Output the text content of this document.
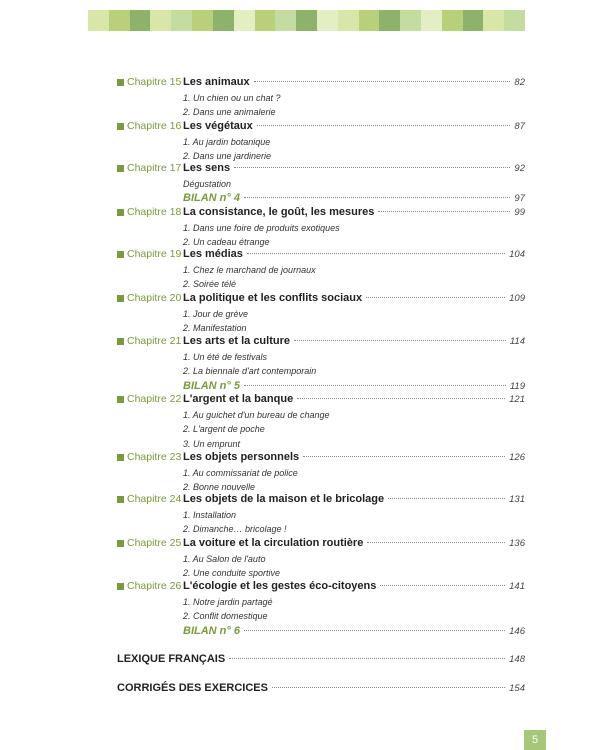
Chapitre 15 Les animaux	82
1. Un chien ou un chat ?
2. Dans une animalerie
Chapitre 16 Les végétaux	87
1. Au jardin botanique
2. Dans une jardinerie
Chapitre 17 Les sens	92
Dégustation
BILAN n° 4	97
Chapitre 18 La consistance, le goût, les mesures	99
1. Dans une foire de produits exotiques
2. Un cadeau étrange
Chapitre 19 Les médias	104
1. Chez le marchand de journaux
2. Soirée télé
Chapitre 20 La politique et les conflits sociaux	109
1. Jour de grève
2. Manifestation
Chapitre 21 Les arts et la culture	114
1. Un été de festivals
2. La biennale d'art contemporain
BILAN n° 5	119
Chapitre 22 L'argent et la banque	121
1. Au guichet d'un bureau de change
2. L'argent de poche
3. Un emprunt
Chapitre 23 Les objets personnels	126
1. Au commissariat de police
2. Bonne nouvelle
Chapitre 24 Les objets de la maison et le bricolage	131
1. Installation
2. Dimanche… bricolage !
Chapitre 25 La voiture et la circulation routière	136
1. Au Salon de l'auto
2. Une conduite sportive
Chapitre 26 L'écologie et les gestes éco-citoyens	141
1. Notre jardin partagé
2. Conflit domestique
BILAN n° 6	146
LEXIQUE FRANÇAIS	148
CORRIGÉS DES EXERCICES	154
5
